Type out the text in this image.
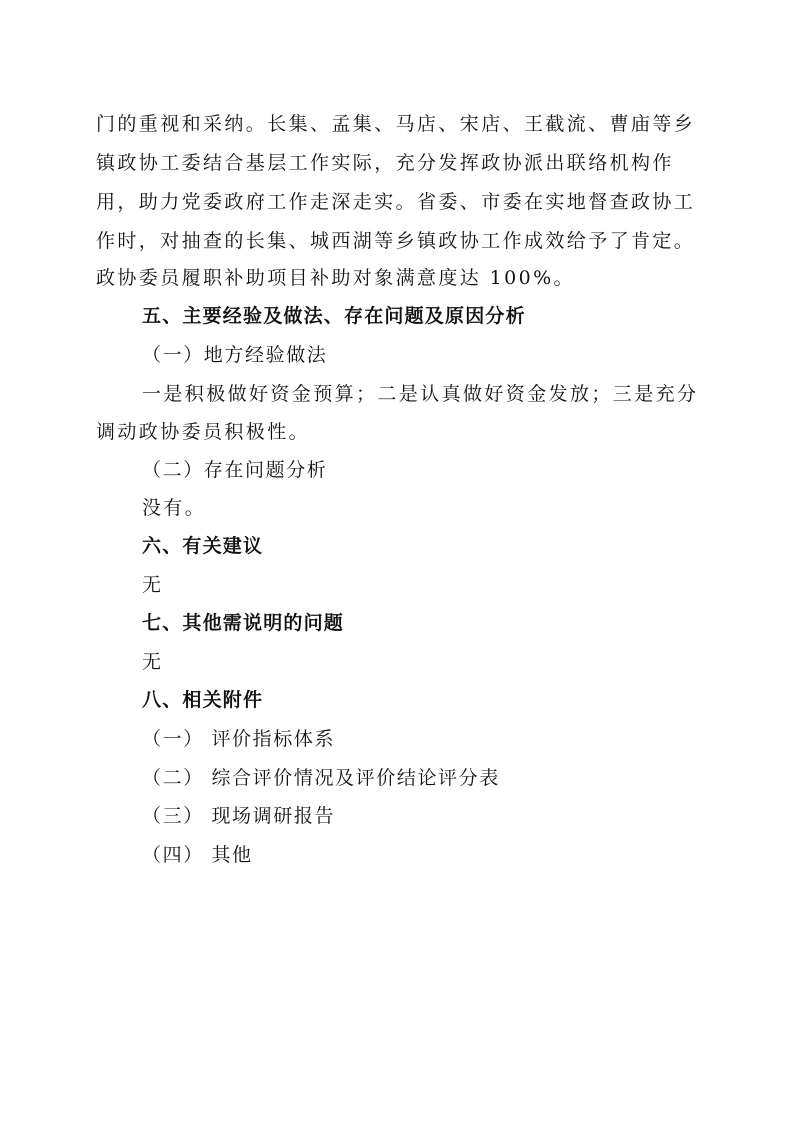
门的重视和采纳。长集、孟集、马店、宋店、王截流、曹庙等乡
镇政协工委结合基层工作实际，充分发挥政协派出联络机构作
用，助力党委政府工作走深走实。省委、市委在实地督查政协工
作时，对抽查的长集、城西湖等乡镇政协工作成效给予了肯定。
政协委员履职补助项目补助对象满意度达 100%。
五、主要经验及做法、存在问题及原因分析
（一）地方经验做法
一是积极做好资金预算；二是认真做好资金发放；三是充分
调动政协委员积极性。
（二）存在问题分析
没有。
六、有关建议
无
七、其他需说明的问题
无
八、相关附件
（一） 评价指标体系
（二） 综合评价情况及评价结论评分表
（三） 现场调研报告
（四） 其他
